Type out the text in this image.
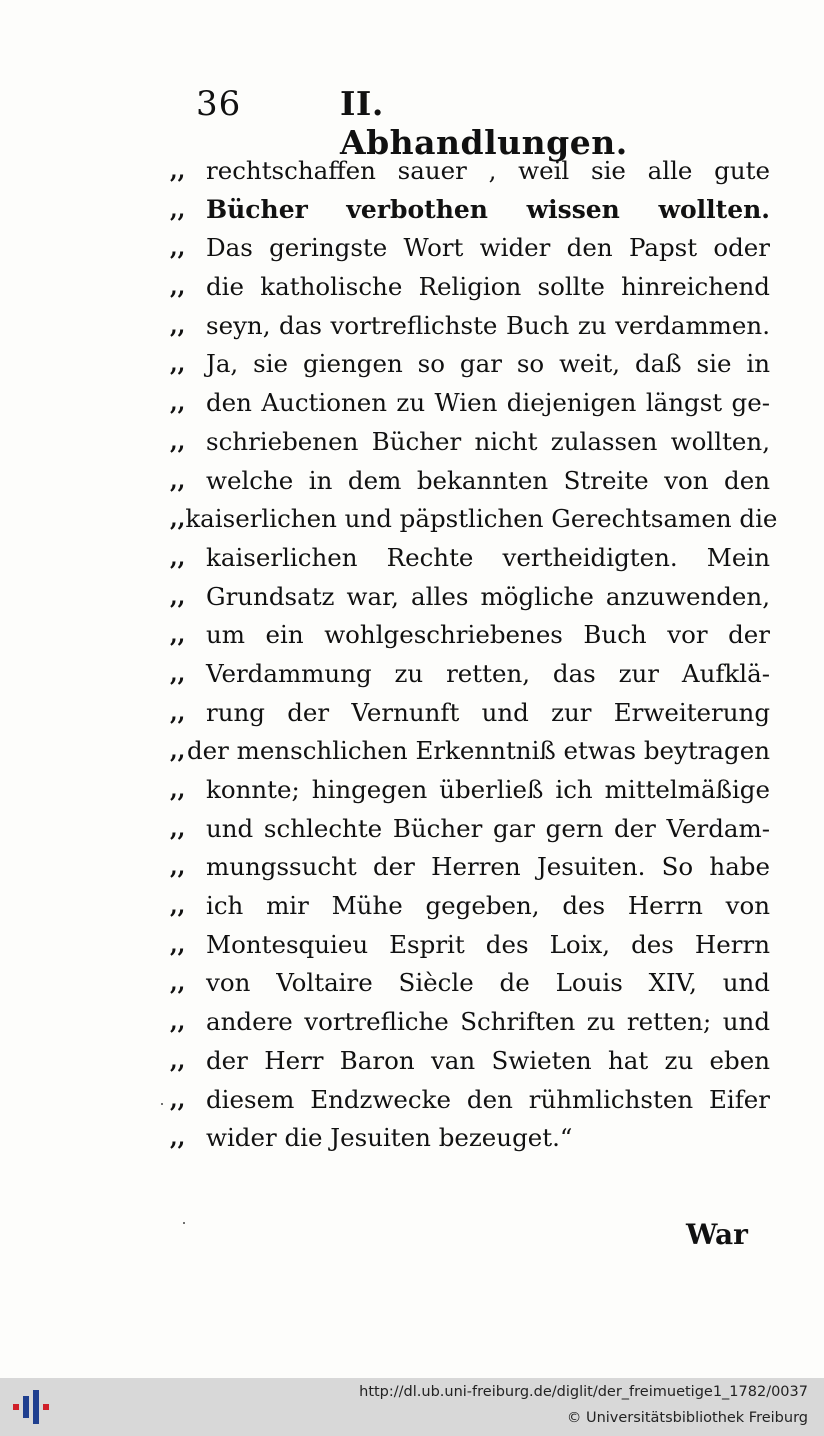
36	II. Abhandlungen.
,, rechtschaffen sauer , weil sie alle gute
,, Bücher verbothen wissen wollten.
,, Das geringste Wort wider den Papst oder
,, die katholische Religion sollte hinreichend
,, seyn, das vortreflichste Buch zu verdammen.
,, Ja, sie giengen so gar so weit, daß sie in
,, den Auctionen zu Wien diejenigen längst ge-
,, schriebenen Bücher nicht zulassen wollten,
,, welche in dem bekannten Streite von den
,, kaiserlichen und päpstlichen Gerechtsamen die
,, kaiserlichen Rechte vertheidigten. Mein
,, Grundsatz war, alles mögliche anzuwenden,
,, um ein wohlgeschriebenes Buch vor der
,, Verdammung zu retten, das zur Aufklä-
,, rung der Vernunft und zur Erweiterung
,, der menschlichen Erkenntniß etwas beytragen
,, konnte; hingegen überließ ich mittelmäßige
,, und schlechte Bücher gar gern der Verdam-
,, mungssucht der Herren Jesuiten. So habe
,, ich mir Mühe gegeben, des Herrn von
,, Montesquieu Esprit des Loix, des Herrn
,, von Voltaire Siècle de Louis XIV, und
,, andere vortrefliche Schriften zu retten; und
,, der Herr Baron van Swieten hat zu eben
,, diesem Endzwecke den rühmlichsten Eifer
,, wider die Jesuiten bezeuget.“
War
http://dl.ub.uni-freiburg.de/diglit/der_freimuetige1_1782/0037
© Universitätsbibliothek Freiburg
